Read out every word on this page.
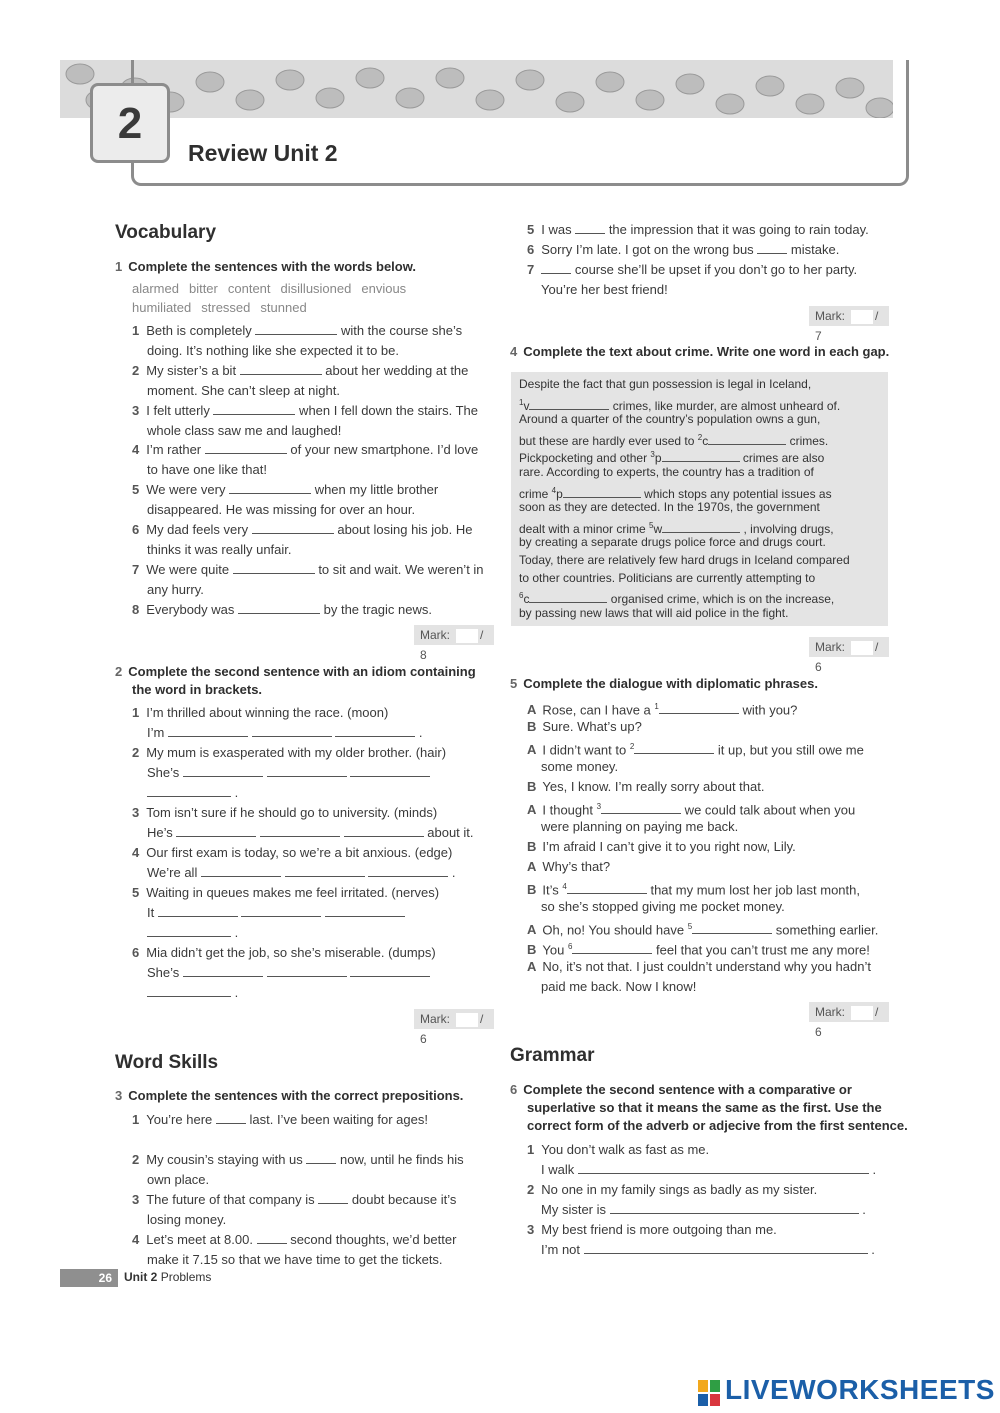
2
Review Unit 2
Vocabulary
1 Complete the sentences with the words below.
alarmed bitter content disillusioned envious
humiliated stressed stunned
Mark:	/ 8
2 Complete the second sentence with an idiom containing
the word in brackets.
Mark:	/ 6
Word Skills
3 Complete the sentences with the correct prepositions.
Mark:	/ 7
4 Complete the text about crime. Write one word in each gap.
Mark:	/ 6
5 Complete the dialogue with diplomatic phrases.
Mark:	/ 6
Grammar
6 Complete the second sentence with a comparative or
superlative so that it means the same as the first. Use the
correct form of the adverb or adjecive from the first sentence.
26	Unit 2 Problems
LIVEWORKSHEETS
1 Beth is completely	with the course she’s
doing. It’s nothing like she expected it to be.
2 My sister’s a bit	about her wedding at the
moment. She can’t sleep at night.
3 I felt utterly	when I fell down the stairs. The
whole class saw me and laughed!
4 I’m rather	of your new smartphone. I’d love
to have one like that!
5 We were very	when my little brother
disappeared. He was missing for over an hour.
6 My dad feels very	about losing his job. He
thinks it was really unfair.
7 We were quite	to sit and wait. We weren’t in
any hurry.
8 Everybody was	by the tragic news.
1 I’m thrilled about winning the race. (moon)
I’m	.
2 My mum is exasperated with my older brother. (hair)
She’s
.
3 Tom isn’t sure if he should go to university. (minds)
He’s	about it.
4 Our first exam is today, so we’re a bit anxious. (edge)
We’re all	.
5 Waiting in queues makes me feel irritated. (nerves)
It
.
6 Mia didn’t get the job, so she’s miserable. (dumps)
She’s
.
1 You’re here  last. I’ve been waiting for ages!
2 My cousin’s staying with us  now, until he finds his
own place.
3 The future of that company is  doubt because it’s
losing money.
4 Let’s meet at 8.00.  second thoughts, we’d better
make it 7.15 so that we have time to get the tickets.
5 I was  the impression that it was going to rain today.
6 Sorry I’m late. I got on the wrong bus  mistake.
7	course she’ll be upset if you don’t go to her party.
You’re her best friend!
Despite the fact that gun possession is legal in Iceland,
$^1$v	crimes, like murder, are almost unheard of.
Around a quarter of the country’s population owns a gun,
but these are hardly ever used to $^2$c	crimes.
Pickpocketing and other $^3$p	crimes are also
rare. According to experts, the country has a tradition of
crime $^4$p	which stops any potential issues as
soon as they are detected. In the 1970s, the government
dealt with a minor crime $^5$w	, involving drugs,
by creating a separate drugs police force and drugs court.
Today, there are relatively few hard drugs in Iceland compared
to other countries. Politicians are currently attempting to
$^6$c	organised crime, which is on the increase,
by passing new laws that will aid police in the fight.
A Rose, can I have a $^1$	with you?
B Sure. What’s up?
A I didn’t want to $^2$	it up, but you still owe me
some money.
B Yes, I know. I’m really sorry about that.
A I thought $^3$	we could talk about when you
were planning on paying me back.
B I’m afraid I can’t give it to you right now, Lily.
A Why’s that?
B It’s $^4$	that my mum lost her job last month,
so she’s stopped giving me pocket money.
A Oh, no! You should have $^5$	something earlier.
B You $^6$	feel that you can’t trust me any more!
A No, it’s not that. I just couldn’t understand why you hadn’t
paid me back. Now I know!
1 You don’t walk as fast as me.
I walk	.
2 No one in my family sings as badly as my sister.
My sister is	.
3 My best friend is more outgoing than me.
I’m not	.
